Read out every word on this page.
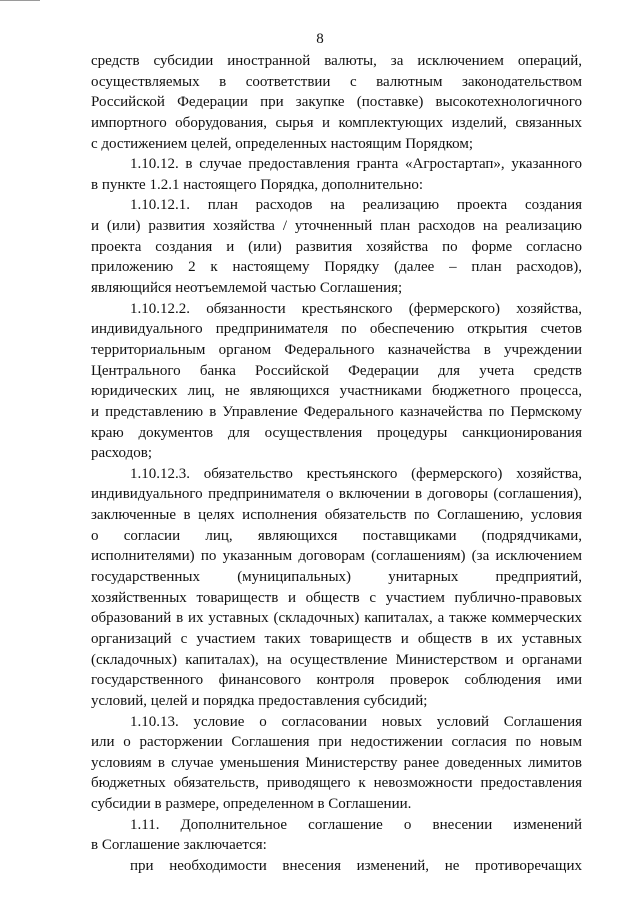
8
средств субсидии иностранной валюты, за исключением операций,
осуществляемых в соответствии с валютным законодательством
Российской Федерации при закупке (поставке) высокотехнологичного
импортного оборудования, сырья и комплектующих изделий, связанных
с достижением целей, определенных настоящим Порядком;
1.10.12. в случае предоставления гранта «Агростартап», указанного
в пункте 1.2.1 настоящего Порядка, дополнительно:
1.10.12.1. план расходов на реализацию проекта создания
и (или) развития хозяйства / уточненный план расходов на реализацию
проекта создания и (или) развития хозяйства по форме согласно
приложению 2 к настоящему Порядку (далее – план расходов),
являющийся неотъемлемой частью Соглашения;
1.10.12.2. обязанности крестьянского (фермерского) хозяйства,
индивидуального предпринимателя по обеспечению открытия счетов
территориальным органом Федерального казначейства в учреждении
Центрального банка Российской Федерации для учета средств
юридических лиц, не являющихся участниками бюджетного процесса,
и представлению в Управление Федерального казначейства по Пермскому
краю документов для осуществления процедуры санкционирования
расходов;
1.10.12.3. обязательство крестьянского (фермерского) хозяйства,
индивидуального предпринимателя о включении в договоры (соглашения),
заключенные в целях исполнения обязательств по Соглашению, условия
о согласии лиц, являющихся поставщиками (подрядчиками,
исполнителями) по указанным договорам (соглашениям) (за исключением
государственных (муниципальных) унитарных предприятий,
хозяйственных товариществ и обществ с участием публично-правовых
образований в их уставных (складочных) капиталах, а также коммерческих
организаций с участием таких товариществ и обществ в их уставных
(складочных) капиталах), на осуществление Министерством и органами
государственного финансового контроля проверок соблюдения ими
условий, целей и порядка предоставления субсидий;
1.10.13. условие о согласовании новых условий Соглашения
или о расторжении Соглашения при недостижении согласия по новым
условиям в случае уменьшения Министерству ранее доведенных лимитов
бюджетных обязательств, приводящего к невозможности предоставления
субсидии в размере, определенном в Соглашении.
1.11. Дополнительное соглашение о внесении изменений
в Соглашение заключается:
при необходимости внесения изменений, не противоречащих
